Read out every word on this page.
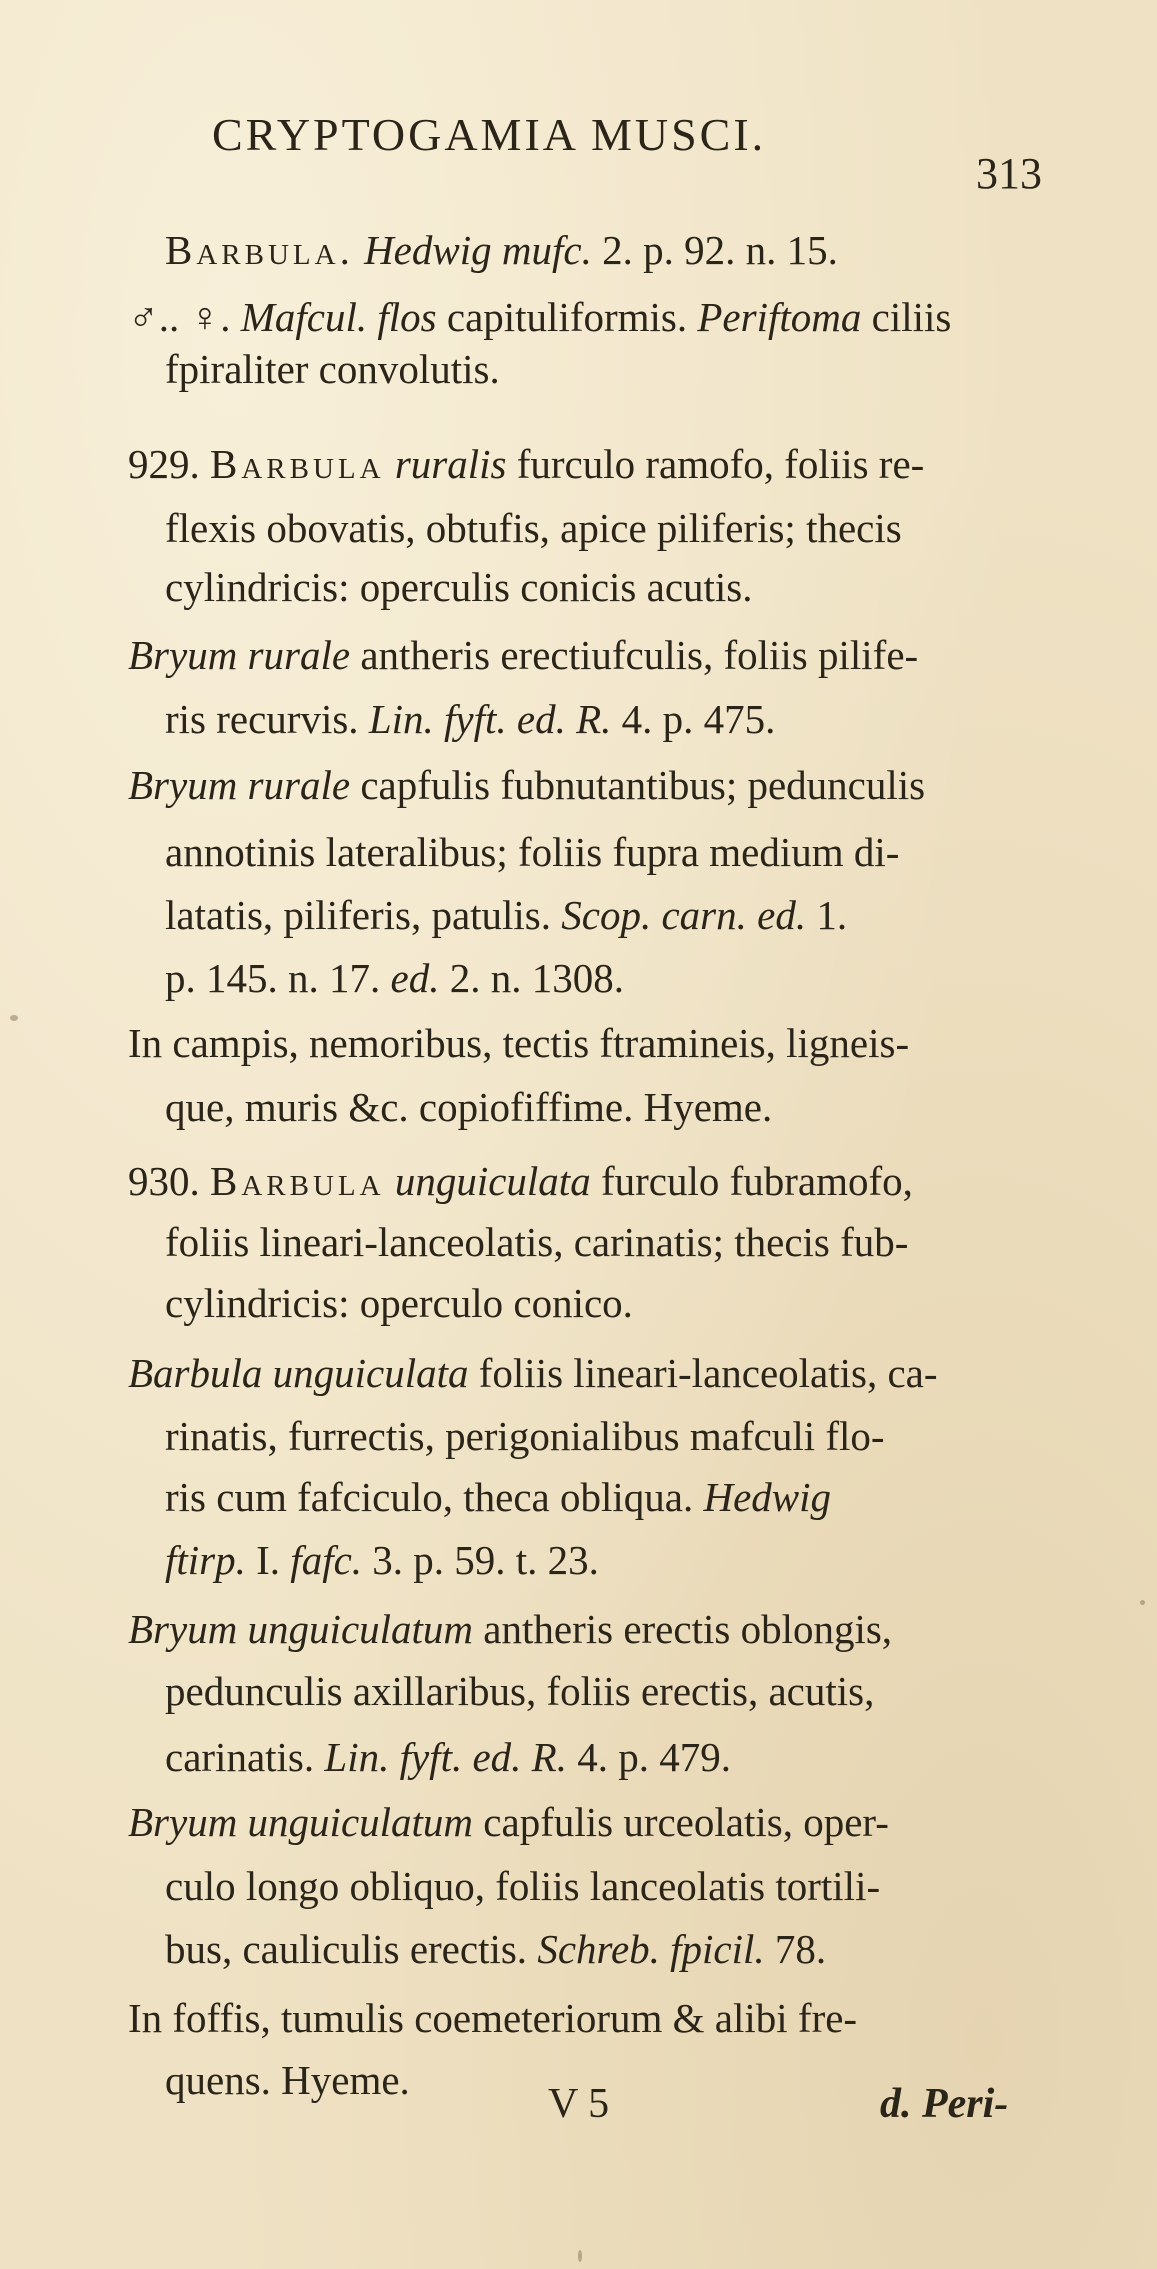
CRYPTOGAMIA MUSCI.
313
Barbula. Hedwig mufc. 2. p. 92. n. 15.
♂.. ♀. Mafcul. flos capituliformis. Periftoma ciliis
fpiraliter convolutis.
929. Barbula ruralis furculo ramofo, foliis re-
flexis obovatis, obtufis, apice piliferis; thecis
cylindricis: operculis conicis acutis.
Bryum rurale antheris erectiufculis, foliis pilife-
ris recurvis. Lin. fyft. ed. R. 4. p. 475.
Bryum rurale capfulis fubnutantibus; pedunculis
annotinis lateralibus; foliis fupra medium di-
latatis, piliferis, patulis. Scop. carn. ed. 1.
p. 145. n. 17. ed. 2. n. 1308.
In campis, nemoribus, tectis ftramineis, ligneis-
que, muris &c. copiofiffime. Hyeme.
930. Barbula unguiculata furculo fubramofo,
foliis lineari-lanceolatis, carinatis; thecis fub-
cylindricis: operculo conico.
Barbula unguiculata foliis lineari-lanceolatis, ca-
rinatis, furrectis, perigonialibus mafculi flo-
ris cum fafciculo, theca obliqua. Hedwig
ftirp. I. fafc. 3. p. 59. t. 23.
Bryum unguiculatum antheris erectis oblongis,
pedunculis axillaribus, foliis erectis, acutis,
carinatis. Lin. fyft. ed. R. 4. p. 479.
Bryum unguiculatum capfulis urceolatis, oper-
culo longo obliquo, foliis lanceolatis tortili-
bus, cauliculis erectis. Schreb. fpicil. 78.
In foffis, tumulis coemeteriorum & alibi fre-
quens. Hyeme.
V 5	d. Peri-
